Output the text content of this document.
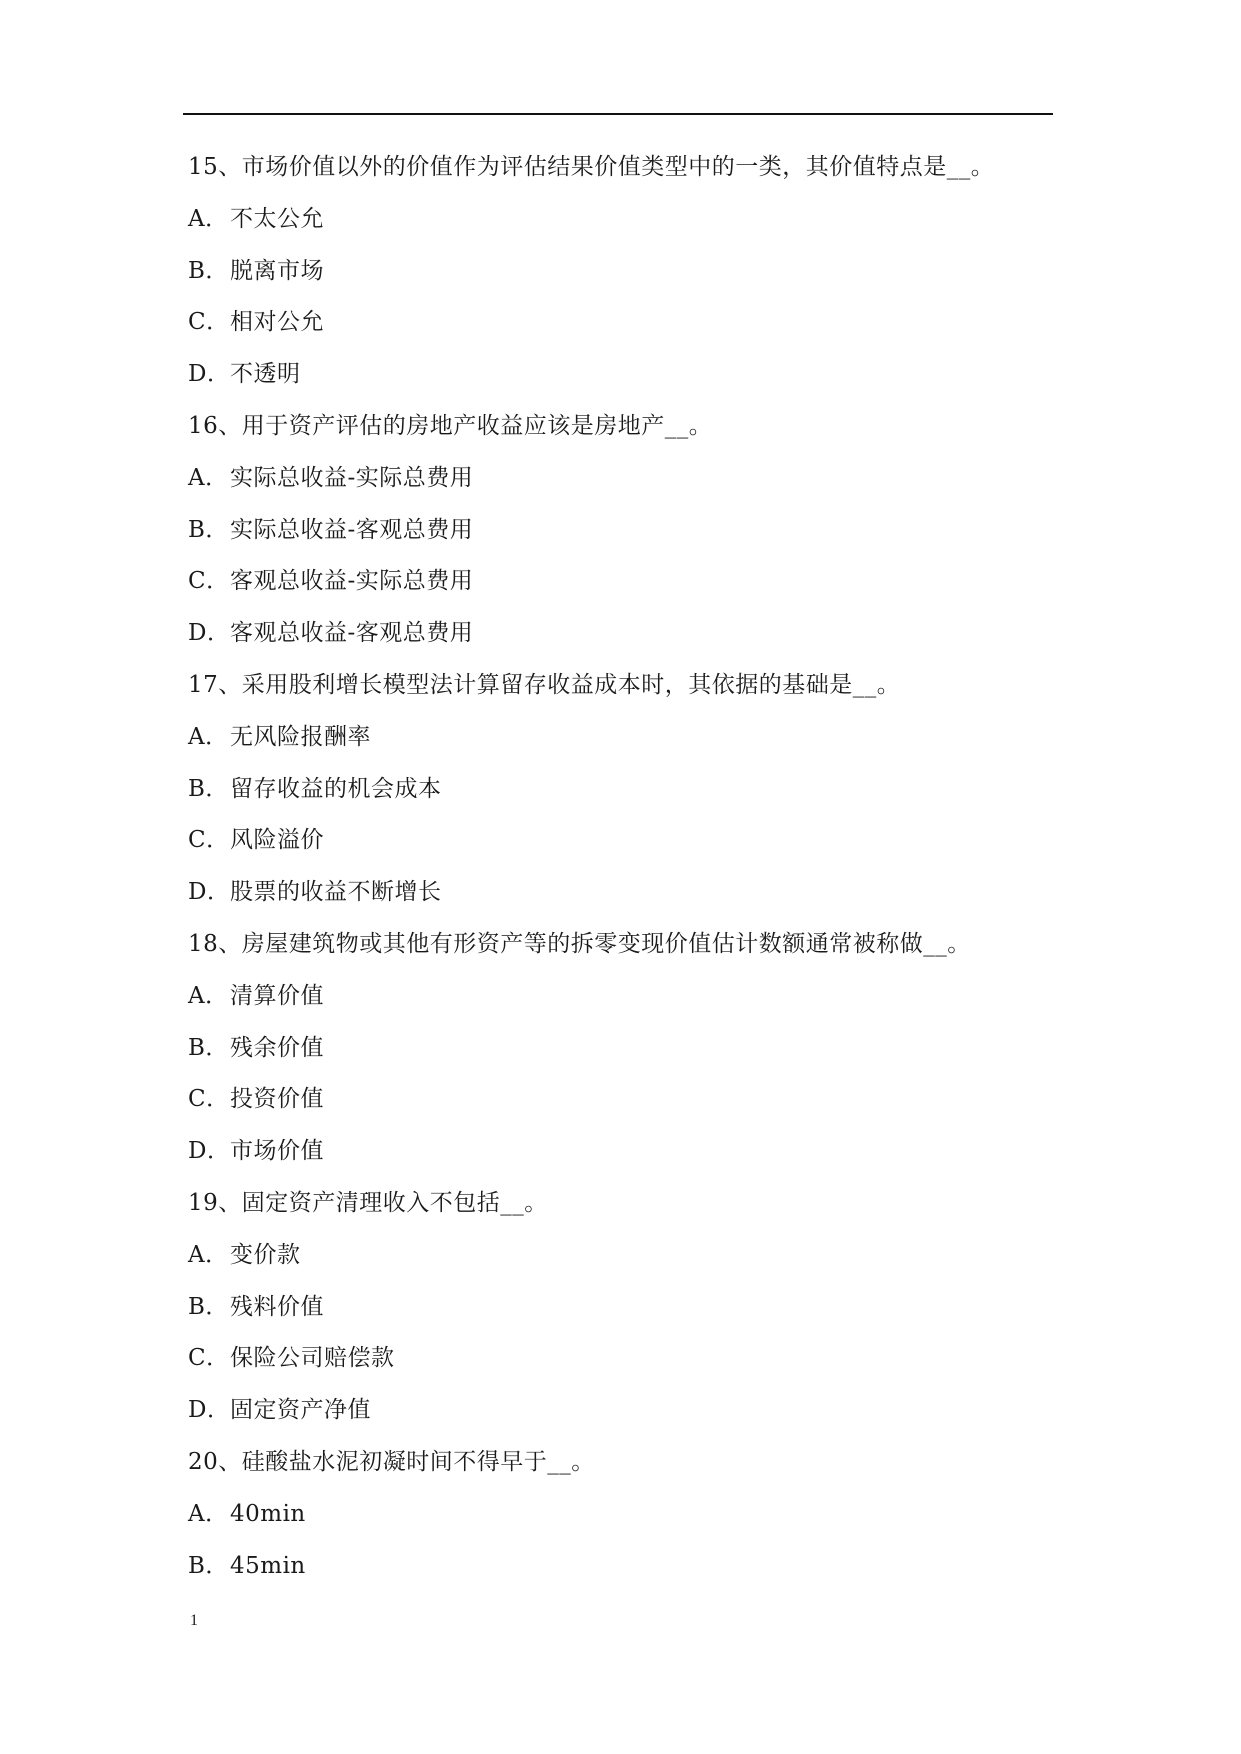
15、市场价值以外的价值作为评估结果价值类型中的一类，其价值特点是__。
A．不太公允
B．脱离市场
C．相对公允
D．不透明
16、用于资产评估的房地产收益应该是房地产__。
A．实际总收益-实际总费用
B．实际总收益-客观总费用
C．客观总收益-实际总费用
D．客观总收益-客观总费用
17、采用股利增长模型法计算留存收益成本时，其依据的基础是__。
A．无风险报酬率
B．留存收益的机会成本
C．风险溢价
D．股票的收益不断增长
18、房屋建筑物或其他有形资产等的拆零变现价值估计数额通常被称做__。
A．清算价值
B．残余价值
C．投资价值
D．市场价值
19、固定资产清理收入不包括__。
A．变价款
B．残料价值
C．保险公司赔偿款
D．固定资产净值
20、硅酸盐水泥初凝时间不得早于__。
A．40min
B．45min
1
